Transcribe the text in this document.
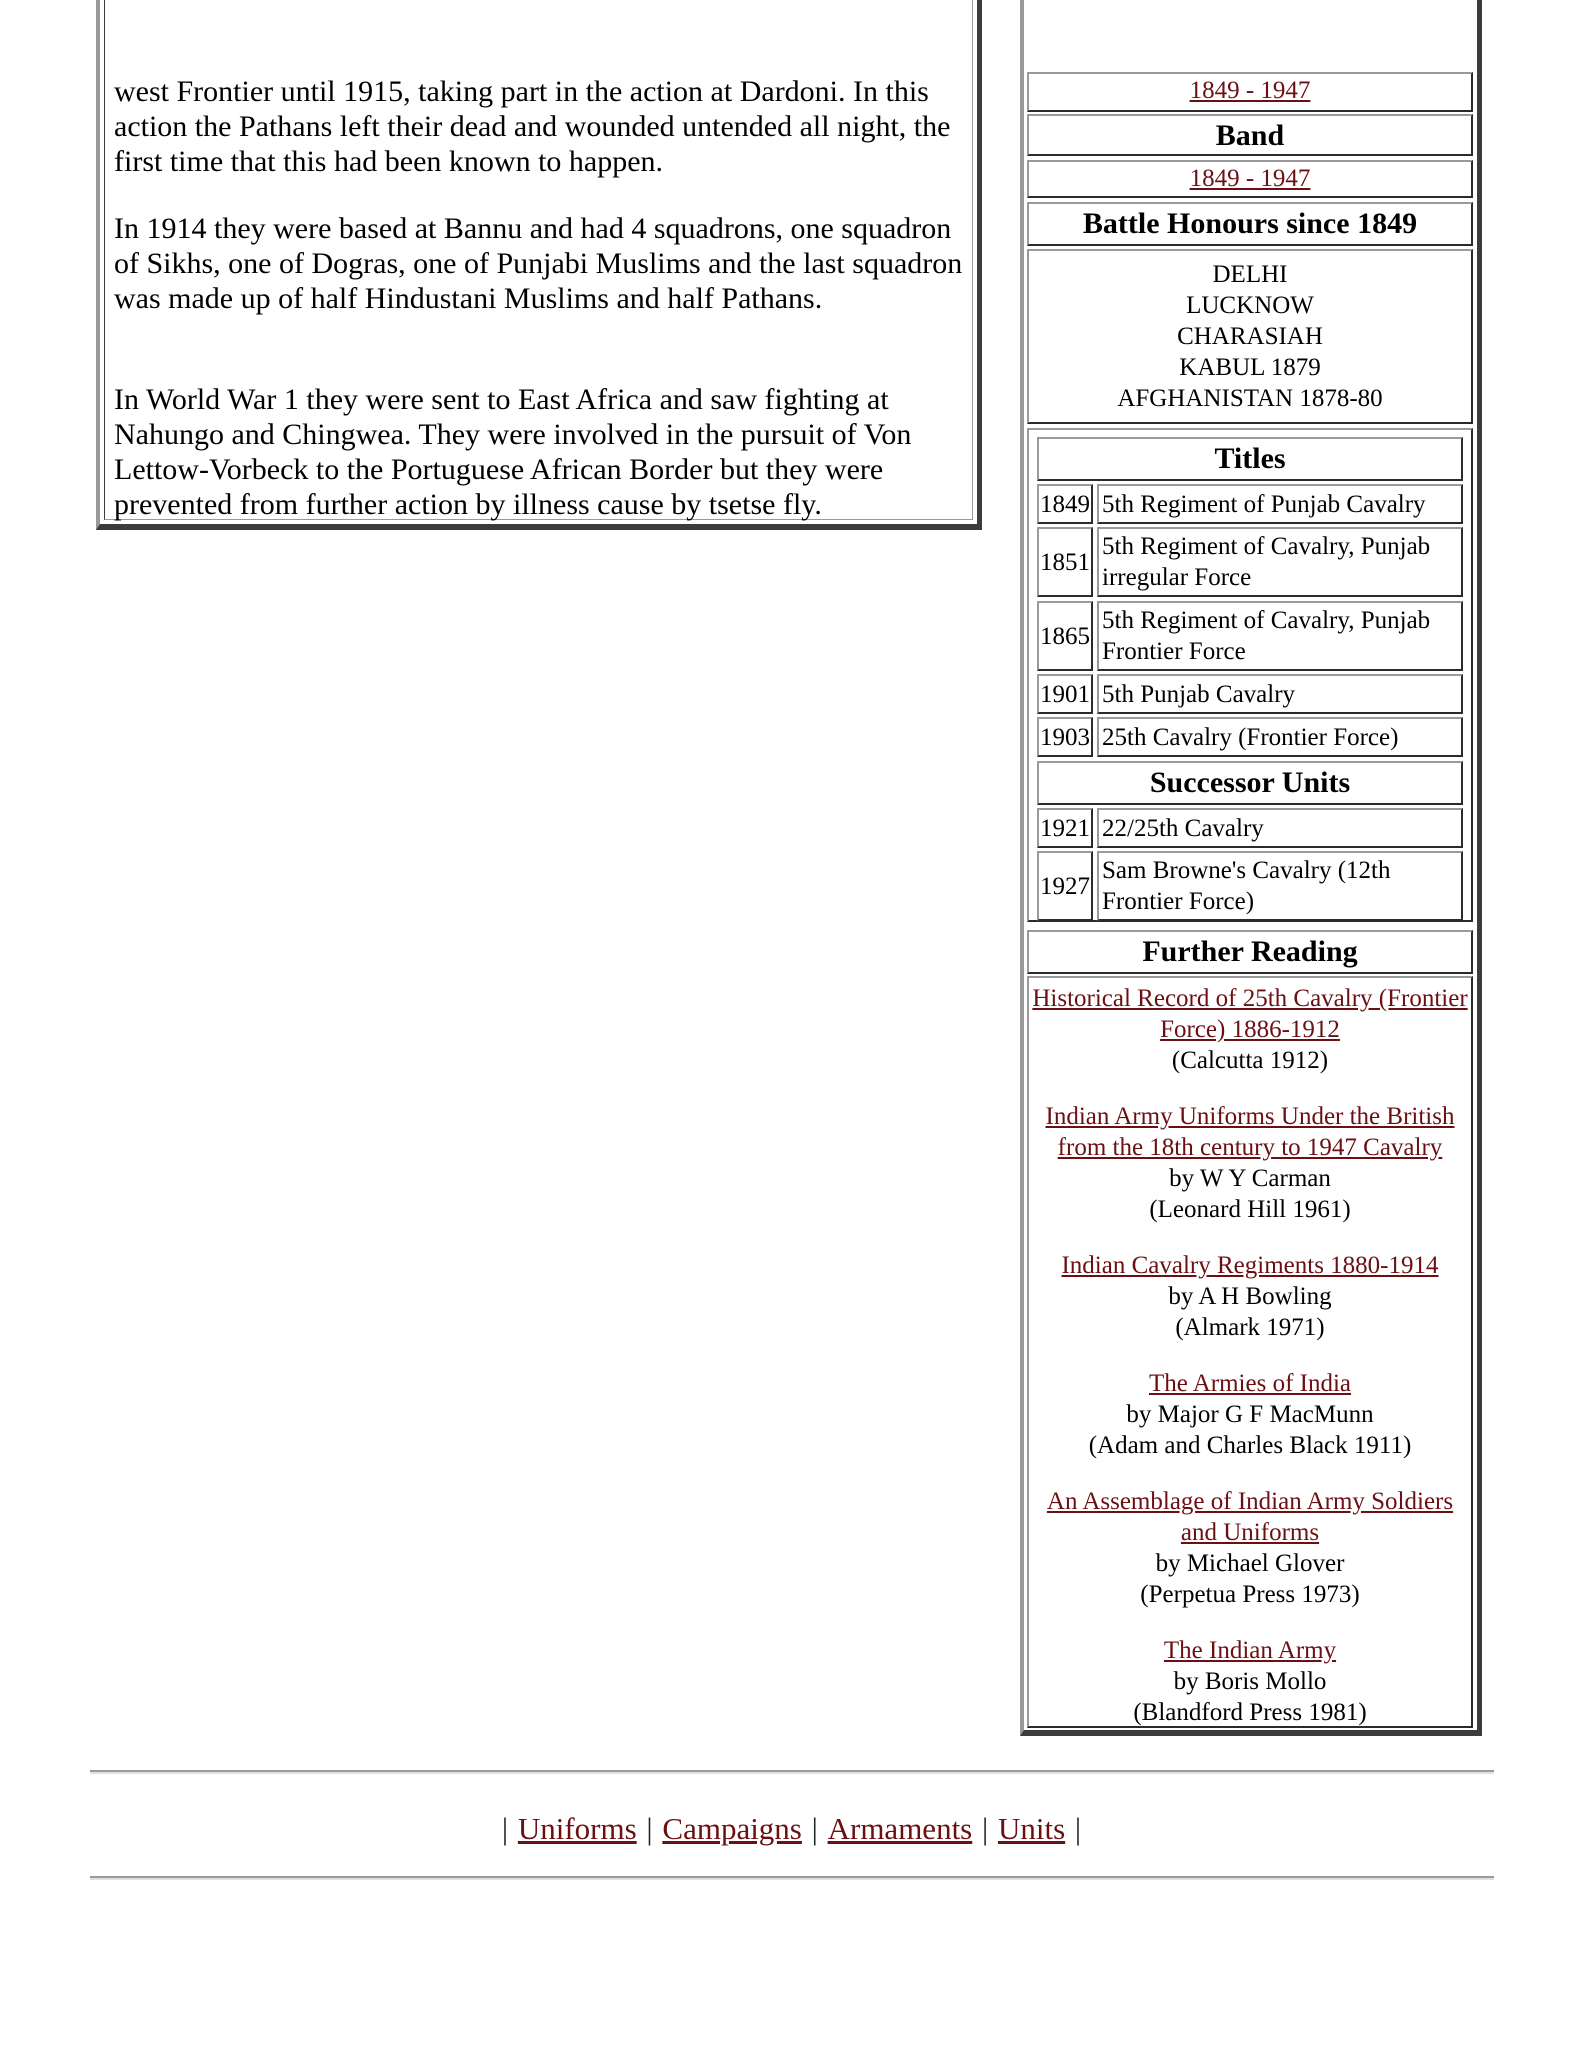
west Frontier until 1915, taking part in the action at Dardoni. In this action the Pathans left their dead and wounded untended all night, the first time that this had been known to happen.

In 1914 they were based at Bannu and had 4 squadrons, one squadron of Sikhs, one of Dogras, one of Punjabi Muslims and the last squadron was made up of half Hindustani Muslims and half Pathans.

In World War 1 they were sent to East Africa and saw fighting at Nahungo and Chingwea. They were involved in the pursuit of Von Lettow-Vorbeck to the Portuguese African Border but they were prevented from further action by illness cause by tsetse fly.

1849 - 1947
Band
1849 - 1947
Battle Honours since 1849
DELHI
LUCKNOW
CHARASIAH
KABUL 1879
AFGHANISTAN 1878-80
Titles
1849 5th Regiment of Punjab Cavalry
1851
5th Regiment of Cavalry, Punjab irregular Force
1865
5th Regiment of Cavalry, Punjab Frontier Force
1901 5th Punjab Cavalry
1903 25th Cavalry (Frontier Force)
Successor Units
1921 22/25th Cavalry
1927
Sam Browne's Cavalry (12th Frontier Force)
Further Reading
Historical Record of 25th Cavalry (Frontier Force) 1886-1912
(Calcutta 1912)
Indian Army Uniforms Under the British from the 18th century to 1947 Cavalry
by W Y Carman
(Leonard Hill 1961)
Indian Cavalry Regiments 1880-1914
by A H Bowling
(Almark 1971)
The Armies of India
by Major G F MacMunn
(Adam and Charles Black 1911)
An Assemblage of Indian Army Soldiers and Uniforms
by Michael Glover
(Perpetua Press 1973)
The Indian Army
by Boris Mollo
(Blandford Press 1981)
| Uniforms | Campaigns | Armaments | Units |
